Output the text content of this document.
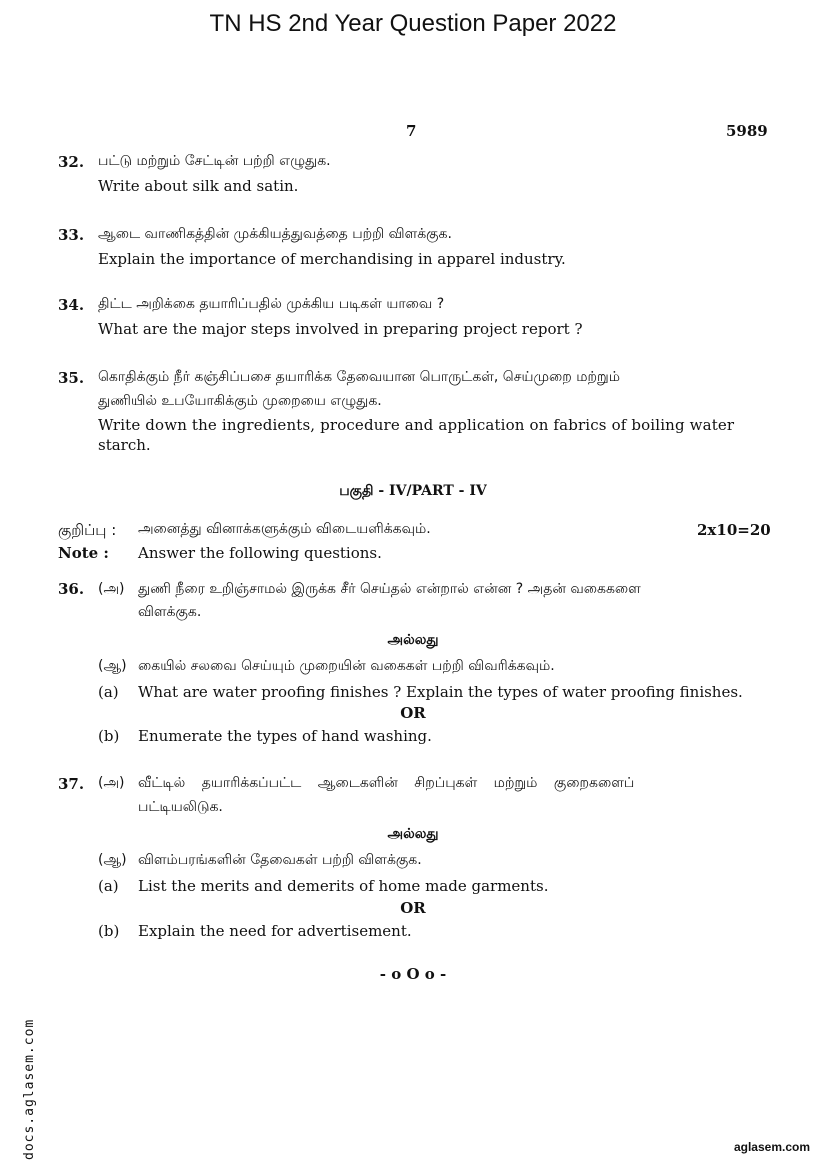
TN HS 2nd Year Question Paper 2022
7	5989
32. பட்டு மற்றும் சேட்டின் பற்றி எழுதுக.
Write about silk and satin.
33. ஆடை வாணிகத்தின் முக்கியத்துவத்தை பற்றி விளக்குக.
Explain the importance of merchandising in apparel industry.
34. திட்ட அறிக்கை தயாரிப்பதில் முக்கிய படிகள் யாவை ?
What are the major steps involved in preparing project report ?
35. கொதிக்கும் நீர் கஞ்சிப்பசை தயாரிக்க தேவையான பொருட்கள், செய்முறை மற்றும்
துணியில் உபயோகிக்கும் முறையை எழுதுக.
Write down the ingredients, procedure and application on fabrics of boiling water
starch.
பகுதி - IV/PART - IV
குறிப்பு : அனைத்து வினாக்களுக்கும் விடையளிக்கவும்.	2x10=20
Note : Answer the following questions.
36. (அ) துணி நீரை உறிஞ்சாமல் இருக்க சீர் செய்தல் என்றால் என்ன ? அதன் வகைகளை
விளக்குக.
அல்லது
(ஆ) கையில் சலவை செய்யும் முறையின் வகைகள் பற்றி விவரிக்கவும்.
(a) What are water proofing finishes ? Explain the types of water proofing finishes.
OR
(b) Enumerate the types of hand washing.
37. (அ) வீட்டில் தயாரிக்கப்பட்ட ஆடைகளின் சிறப்புகள் மற்றும் குறைகளைப்
பட்டியலிடுக.
அல்லது
(ஆ) விளம்பரங்களின் தேவைகள் பற்றி விளக்குக.
(a) List the merits and demerits of home made garments.
OR
(b) Explain the need for advertisement.
- o O o -
docs.aglasem.com	aglasem.com
